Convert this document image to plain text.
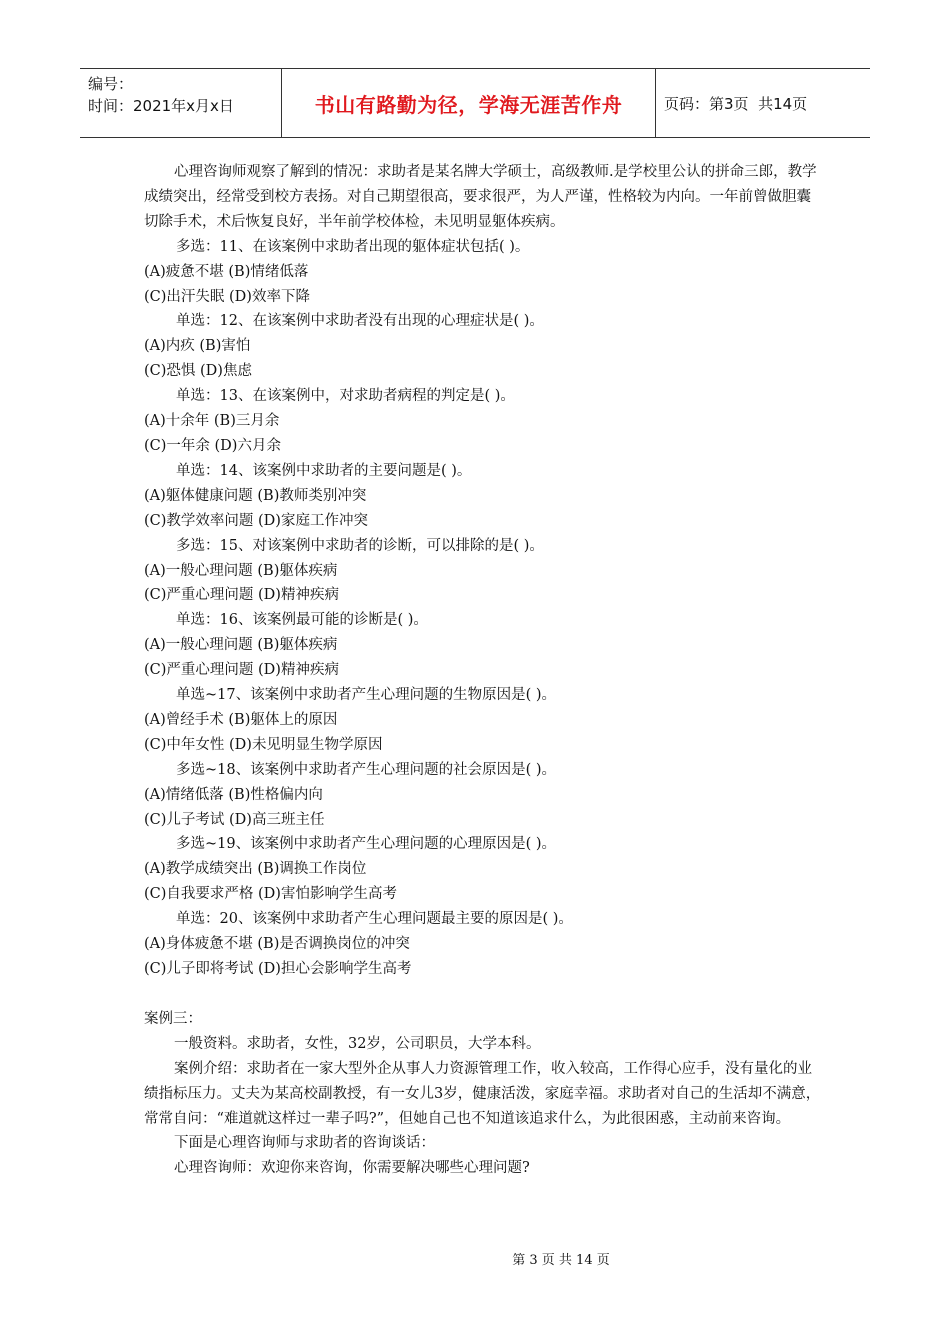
编号：
时间：2021年x月x日	书山有路勤为径，学海无涯苦作舟	页码：第3页  共14页

心理咨询师观察了解到的情况：求助者是某名牌大学硕士，高级教师.是学校里公认的拼命三郎，教学成绩突出，经常受到校方表扬。对自己期望很高，要求很严，为人严谨，性格较为内向。一年前曾做胆囊切除手术，术后恢复良好，半年前学校体检，未见明显躯体疾病。

多选：11、在该案例中求助者出现的躯体症状包括( )。

(A)疲惫不堪 (B)情绪低落

(C)出汗失眠 (D)效率下降

单选：12、在该案例中求助者没有出现的心理症状是( )。

(A)内疚 (B)害怕

(C)恐惧 (D)焦虑

单选：13、在该案例中，对求助者病程的判定是( )。

(A)十余年 (B)三月余

(C)一年余 (D)六月余

单选：14、该案例中求助者的主要问题是( )。

(A)躯体健康问题 (B)教师类别冲突

(C)教学效率问题 (D)家庭工作冲突

多选：15、对该案例中求助者的诊断，可以排除的是( )。

(A)一般心理问题 (B)躯体疾病

(C)严重心理问题 (D)精神疾病

单选：16、该案例最可能的诊断是( )。

(A)一般心理问题 (B)躯体疾病

(C)严重心理问题 (D)精神疾病

单选~17、该案例中求助者产生心理问题的生物原因是( )。

(A)曾经手术 (B)躯体上的原因

(C)中年女性 (D)未见明显生物学原因

多选~18、该案例中求助者产生心理问题的社会原因是( )。

(A)情绪低落 (B)性格偏内向

(C)儿子考试 (D)高三班主任

多选~19、该案例中求助者产生心理问题的心理原因是( )。

(A)教学成绩突出 (B)调换工作岗位

(C)自我要求严格 (D)害怕影响学生高考

单选：20、该案例中求助者产生心理问题最主要的原因是( )。

(A)身体疲惫不堪 (B)是否调换岗位的冲突

(C)儿子即将考试 (D)担心会影响学生高考

案例三：

一般资料。求助者，女性，32岁，公司职员，大学本科。

案例介绍：求助者在一家大型外企从事人力资源管理工作，收入较高，工作得心应手，没有量化的业绩指标压力。丈夫为某高校副教授，有一女儿3岁，健康活泼，家庭幸福。求助者对自己的生活却不满意，常常自问：“难道就这样过一辈子吗?”，但她自己也不知道该追求什么，为此很困惑，主动前来咨询。

下面是心理咨询师与求助者的咨询谈话：

心理咨询师：欢迎你来咨询，你需要解决哪些心理问题?

第 3 页 共 14 页
